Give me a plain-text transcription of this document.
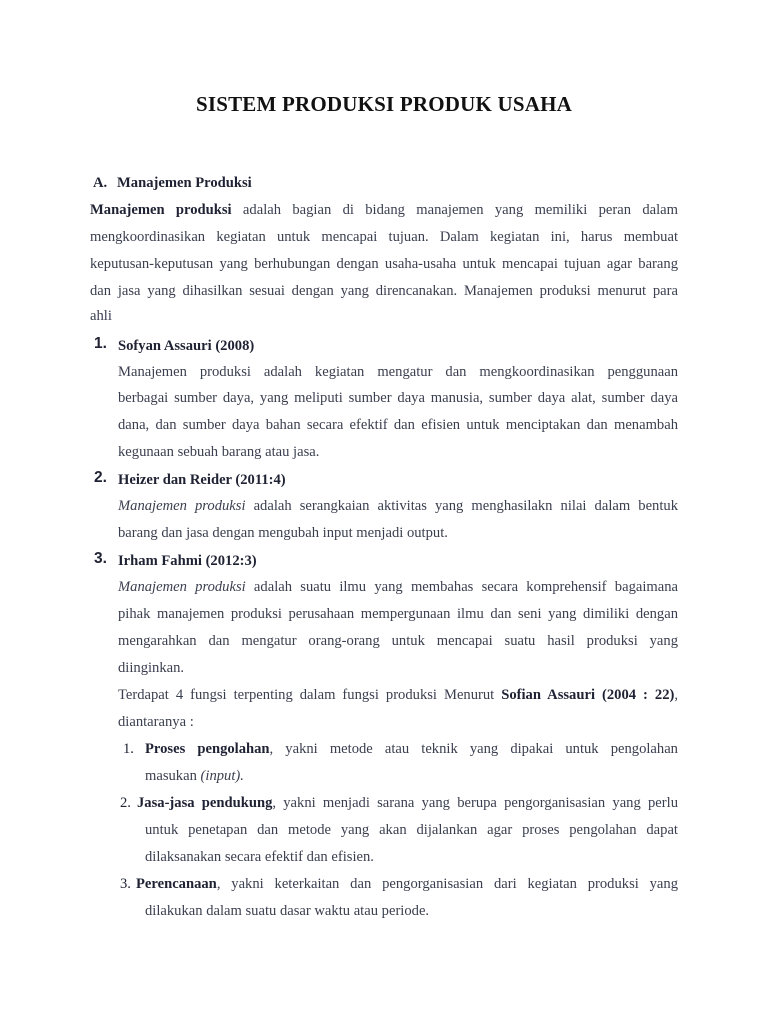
SISTEM PRODUKSI PRODUK USAHA
A. Manajemen Produksi
Manajemen produksi adalah bagian di bidang manajemen yang memiliki peran dalam
mengkoordinasikan kegiatan untuk mencapai tujuan. Dalam kegiatan ini, harus membuat
keputusan-keputusan yang berhubungan dengan usaha-usaha untuk mencapai tujuan agar barang
dan jasa yang dihasilkan sesuai dengan yang direncanakan. Manajemen produksi menurut para
ahli
1. Sofyan Assauri (2008)
Manajemen produksi adalah kegiatan mengatur dan mengkoordinasikan penggunaan
berbagai sumber daya, yang meliputi sumber daya manusia, sumber daya alat, sumber daya
dana, dan sumber daya bahan secara efektif dan efisien untuk menciptakan dan menambah
kegunaan sebuah barang atau jasa.
2. Heizer dan Reider (2011:4)
Manajemen produksi adalah serangkaian aktivitas yang menghasilakn nilai dalam bentuk
barang dan jasa dengan mengubah input menjadi output.
3. Irham Fahmi (2012:3)
Manajemen produksi adalah suatu ilmu yang membahas secara komprehensif bagaimana
pihak manajemen produksi perusahaan mempergunaan ilmu dan seni yang dimiliki dengan
mengarahkan dan mengatur orang-orang untuk mencapai suatu hasil produksi yang
diinginkan.
Terdapat 4 fungsi terpenting dalam fungsi produksi Menurut Sofian Assauri (2004 : 22),
diantaranya :
1. Proses pengolahan, yakni metode atau teknik yang dipakai untuk pengolahan
masukan (input).
2. Jasa-jasa pendukung, yakni menjadi sarana yang berupa pengorganisasian yang perlu
untuk penetapan dan metode yang akan dijalankan agar proses pengolahan dapat
dilaksanakan secara efektif dan efisien.
3. Perencanaan, yakni keterkaitan dan pengorganisasian dari kegiatan produksi yang
dilakukan dalam suatu dasar waktu atau periode.
